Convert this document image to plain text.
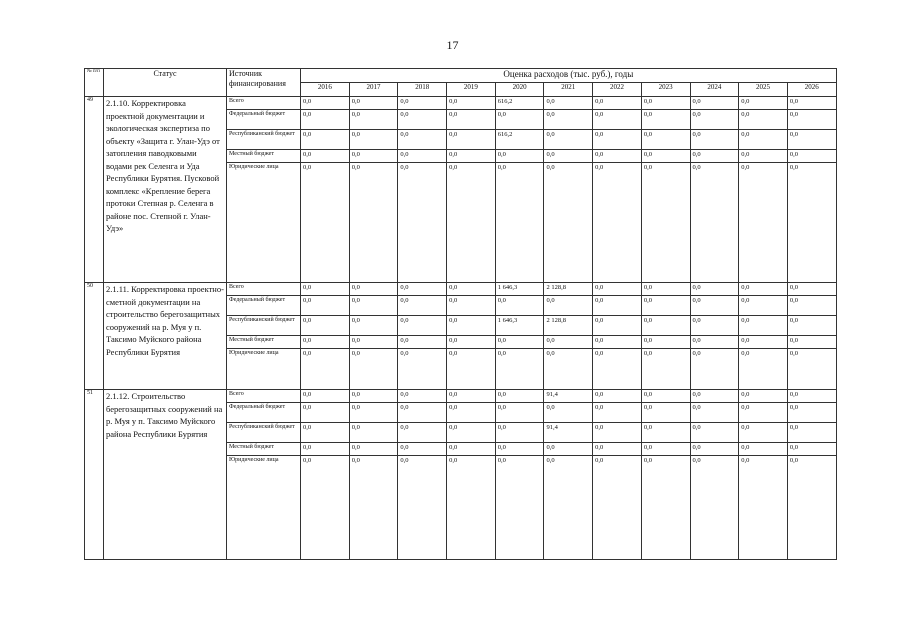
17
№ п/п	Статус	Источник финансирования	Оценка расходов (тыс. руб.), годы										
			2016	2017	2018	2019	2020	2021	2022	2023	2024	2025	2026
49	2.1.10. Корректировка проектной документации и экологическая экспертиза по объекту «Защита г. Улан-Удэ от затопления паводковыми водами рек Селенга и Уда Республики Бурятия. Пусковой комплекс «Крепление берега протоки Степная р. Селенга в районе пос. Степной г. Улан-Удэ»	Всего	0,0	0,0	0,0	0,0	616,2	0,0	0,0	0,0	0,0	0,0	0,0
		Федеральный бюджет	0,0	0,0	0,0	0,0	0,0	0,0	0,0	0,0	0,0	0,0	0,0
		Республиканский бюджет	0,0	0,0	0,0	0,0	616,2	0,0	0,0	0,0	0,0	0,0	0,0
		Местный бюджет	0,0	0,0	0,0	0,0	0,0	0,0	0,0	0,0	0,0	0,0	0,0
		Юридические лица	0,0	0,0	0,0	0,0	0,0	0,0	0,0	0,0	0,0	0,0	0,0
50	2.1.11. Корректировка проектно-сметной документации на строительство берегозащитных сооружений на р. Муя у п. Таксимо Муйского района Республики Бурятия	Всего	0,0	0,0	0,0	0,0	1 646,3	2 128,8	0,0	0,0	0,0	0,0	0,0
		Федеральный бюджет	0,0	0,0	0,0	0,0	0,0	0,0	0,0	0,0	0,0	0,0	0,0
		Республиканский бюджет	0,0	0,0	0,0	0,0	1 646,3	2 128,8	0,0	0,0	0,0	0,0	0,0
		Местный бюджет	0,0	0,0	0,0	0,0	0,0	0,0	0,0	0,0	0,0	0,0	0,0
		Юридические лица	0,0	0,0	0,0	0,0	0,0	0,0	0,0	0,0	0,0	0,0	0,0
51	2.1.12. Строительство берегозащитных сооружений на р. Муя у п. Таксимо Муйского района Республики Бурятия	Всего	0,0	0,0	0,0	0,0	0,0	91,4	0,0	0,0	0,0	0,0	0,0
		Федеральный бюджет	0,0	0,0	0,0	0,0	0,0	0,0	0,0	0,0	0,0	0,0	0,0
		Республиканский бюджет	0,0	0,0	0,0	0,0	0,0	91,4	0,0	0,0	0,0	0,0	0,0
		Местный бюджет	0,0	0,0	0,0	0,0	0,0	0,0	0,0	0,0	0,0	0,0	0,0
		Юридические лица	0,0	0,0	0,0	0,0	0,0	0,0	0,0	0,0	0,0	0,0	0,0
